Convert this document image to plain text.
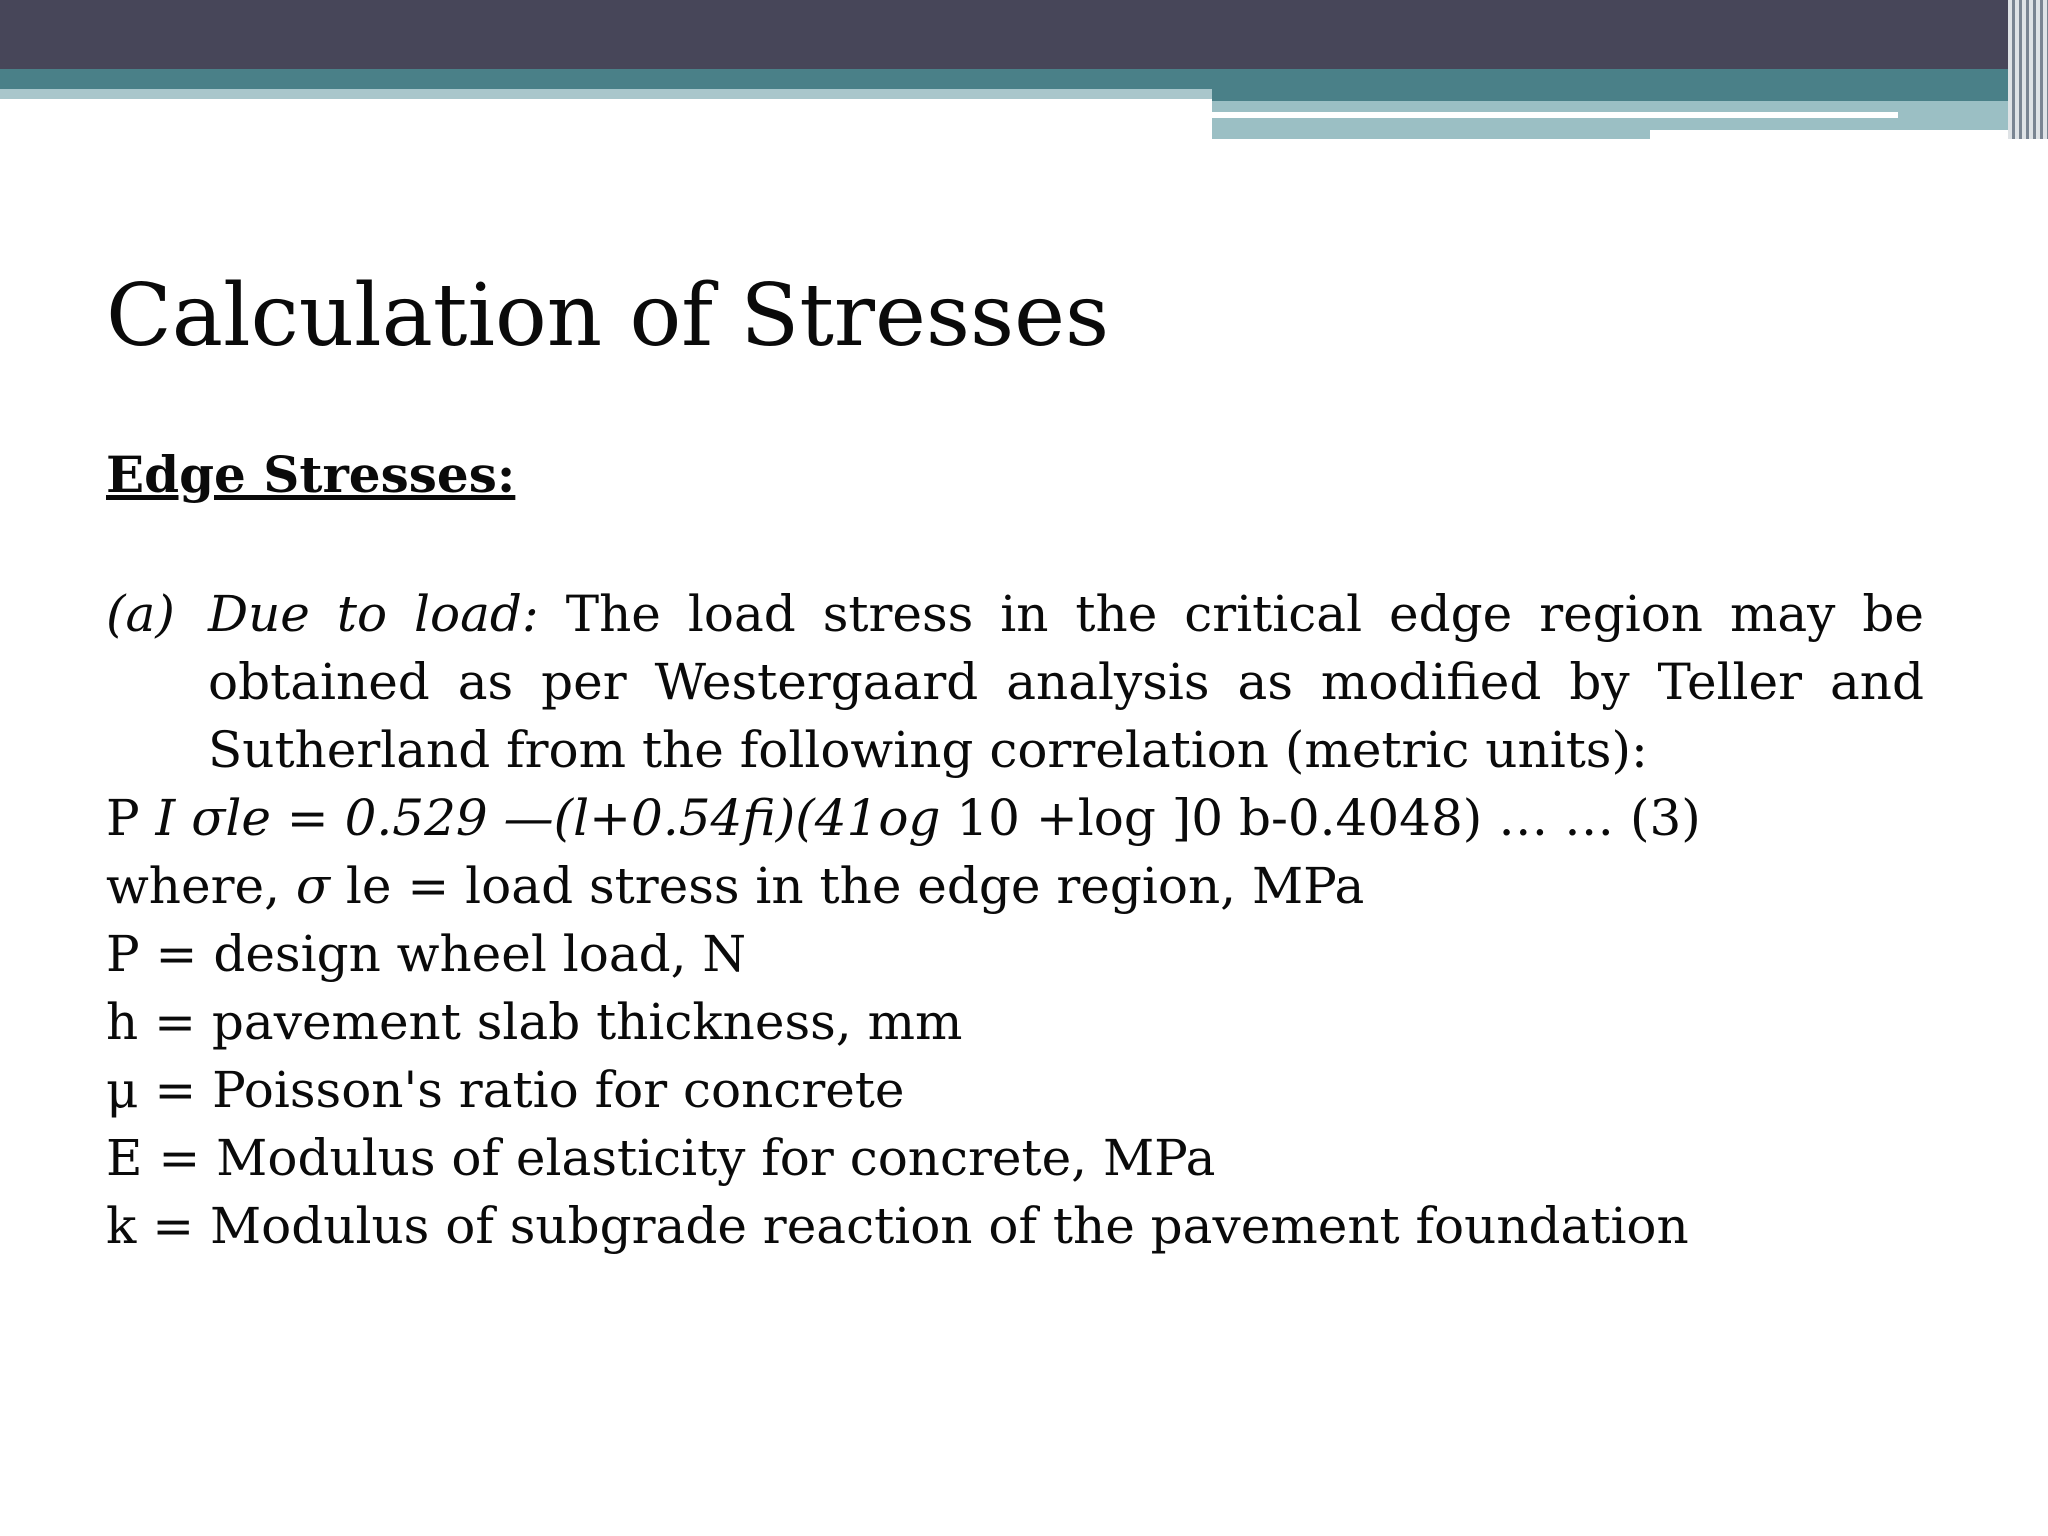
Calculation of Stresses
Edge Stresses:
(a) Due to load: The load stress in the critical edge region may be obtained as per Westergaard analysis as modified by Teller and Sutherland from the following correlation (metric units):
P I σle = 0.529 —(l+0.54fi)(41og 10 +log ]0 b-0.4048) … … (3)
where, σ le = load stress in the edge region, MPa
P = design wheel load, N
h = pavement slab thickness, mm
μ = Poisson's ratio for concrete
E = Modulus of elasticity for concrete, MPa
k = Modulus of subgrade reaction of the pavement foundation
